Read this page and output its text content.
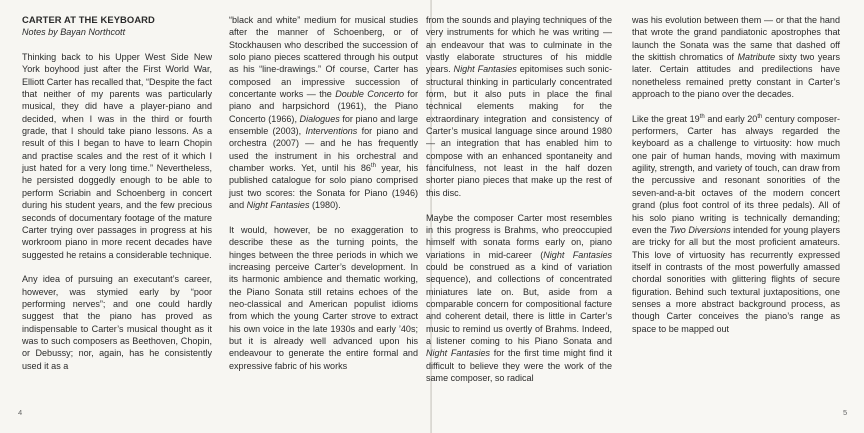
CARTER AT THE KEYBOARD
Notes by Bayan Northcott

Thinking back to his Upper West Side New York boyhood just after the First World War, Elliott Carter has recalled that, “Despite the fact that neither of my parents was particularly musical, they did have a player-piano and decided, when I was in the third or fourth grade, that I should take piano lessons. As a result of this I began to have to learn Chopin and practise scales and the rest of it which I just hated for a very long time.” Nevertheless, he persisted doggedly enough to be able to perform Scriabin and Schoenberg in concert during his student years, and the few precious seconds of documentary footage of the mature Carter trying over passages in progress at his workroom piano in more recent decades have suggested he retains a considerable technique.

Any idea of pursuing an executant’s career, however, was stymied early by “poor performing nerves”; and one could hardly suggest that the piano has proved as indispensable to Carter’s musical thought as it was to such composers as Beethoven, Chopin, or Debussy; nor, again, has he consistently used it as a

“black and white” medium for musical studies after the manner of Schoenberg, or of Stockhausen who described the succession of solo piano pieces scattered through his output as his “line-drawings.” Of course, Carter has composed an impressive succession of concertante works — the Double Concerto for piano and harpsichord (1961), the Piano Concerto (1966), Dialogues for piano and large ensemble (2003), Interventions for piano and orchestra (2007) — and he has frequently used the instrument in his orchestral and chamber works. Yet, until his 86th year, his published catalogue for solo piano comprised just two scores: the Sonata for Piano (1946) and Night Fantasies (1980).

It would, however, be no exaggeration to describe these as the turning points, the hinges between the three periods in which we increasing perceive Carter’s development. In its harmonic ambience and thematic working, the Piano Sonata still retains echoes of the neo-classical and American populist idioms from which the young Carter strove to extract his own voice in the late 1930s and early ’40s; but it is already well advanced upon his endeavour to generate the entire formal and expressive fabric of his works

from the sounds and playing techniques of the very instruments for which he was writing — an endeavour that was to culminate in the vastly elaborate structures of his middle years. Night Fantasies epitomises such sonic-structural thinking in particularly concentrated form, but it also puts in place the final technical elements making for the extraordinary integration and consistency of Carter’s musical language since around 1980 — an integration that has enabled him to compose with an enhanced spontaneity and fancifulness, not least in the half dozen shorter piano pieces that make up the rest of this disc.

Maybe the composer Carter most resembles in this progress is Brahms, who preoccupied himself with sonata forms early on, piano variations in mid-career (Night Fantasies could be construed as a kind of variation sequence), and collections of concentrated miniatures late on. But, aside from a comparable concern for compositional facture and coherent detail, there is little in Carter’s music to remind us overtly of Brahms. Indeed, a listener coming to his Piano Sonata and Night Fantasies for the first time might find it difficult to believe they were the work of the same composer, so radical

was his evolution between them — or that the hand that wrote the grand pandiatonic apostrophes that launch the Sonata was the same that dashed off the skittish chromatics of Matribute sixty two years later. Certain attitudes and predilections have nonetheless remained pretty constant in Carter’s approach to the piano over the decades.

Like the great 19th and early 20th century composer-performers, Carter has always regarded the keyboard as a challenge to virtuosity: how much one pair of human hands, moving with maximum agility, strength, and variety of touch, can draw from the percussive and resonant sonorities of the seven-and-a-bit octaves of the modern concert grand (plus foot control of its three pedals). All of his solo piano writing is technically demanding; even the Two Diversions intended for young players are tricky for all but the most proficient amateurs. This love of virtuosity has recurrently expressed itself in contrasts of the most powerfully amassed chordal sonorities with glittering flights of secure figuration. Behind such textural juxtapositions, one senses a more abstract background process, as though Carter conceives the piano’s range as space to be mapped out

4	5
